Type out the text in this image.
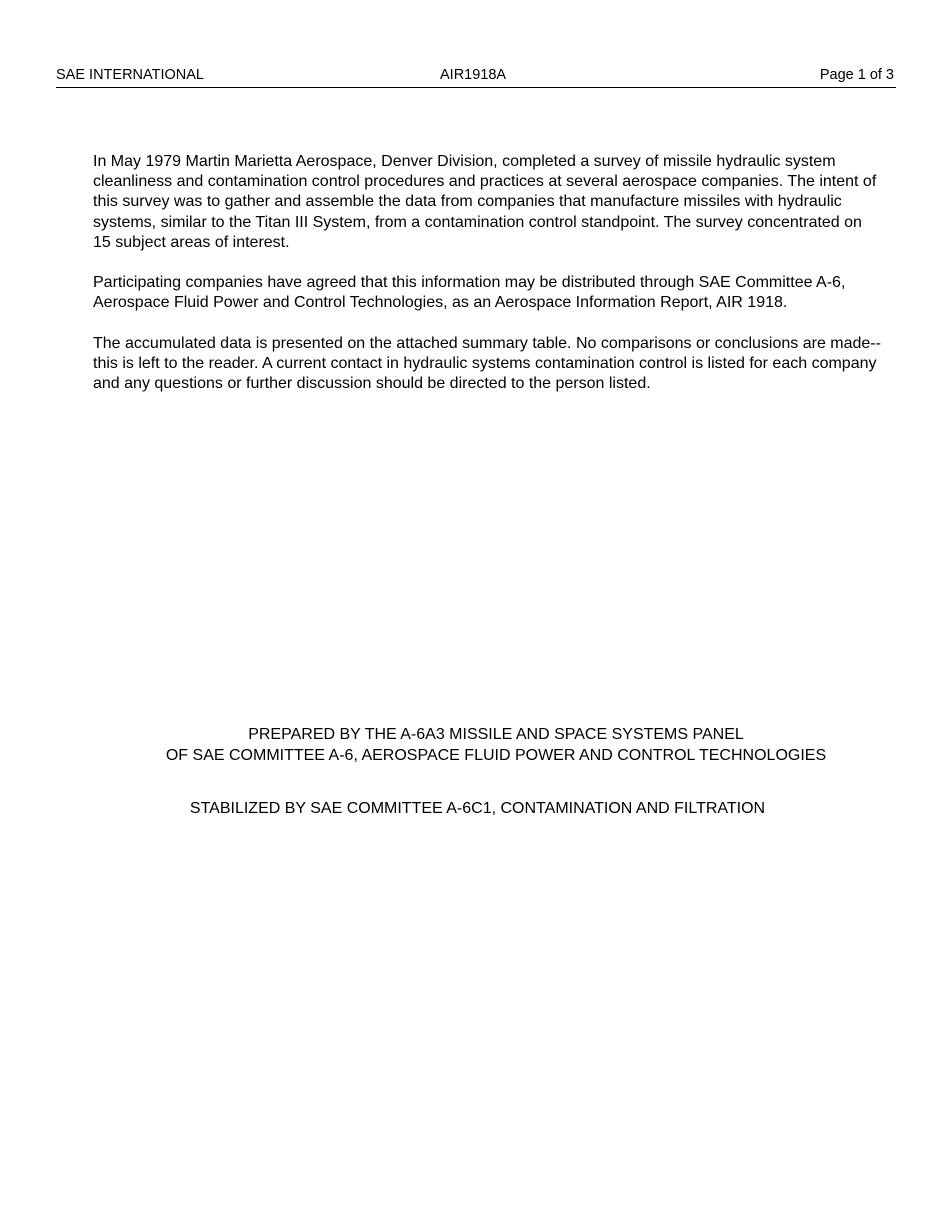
SAE INTERNATIONAL	AIR1918A	Page 1 of 3

In May 1979 Martin Marietta Aerospace, Denver Division, completed a survey of missile hydraulic system cleanliness and contamination control procedures and practices at several aerospace companies. The intent of this survey was to gather and assemble the data from companies that manufacture missiles with hydraulic systems, similar to the Titan III System, from a contamination control standpoint. The survey concentrated on 15 subject areas of interest.

Participating companies have agreed that this information may be distributed through SAE Committee A-6, Aerospace Fluid Power and Control Technologies, as an Aerospace Information Report, AIR 1918.

The accumulated data is presented on the attached summary table. No comparisons or conclusions are made--this is left to the reader. A current contact in hydraulic systems contamination control is listed for each company and any questions or further discussion should be directed to the person listed.

PREPARED BY THE A-6A3 MISSILE AND SPACE SYSTEMS PANEL
OF SAE COMMITTEE A-6, AEROSPACE FLUID POWER AND CONTROL TECHNOLOGIES
STABILIZED BY SAE COMMITTEE A-6C1, CONTAMINATION AND FILTRATION
